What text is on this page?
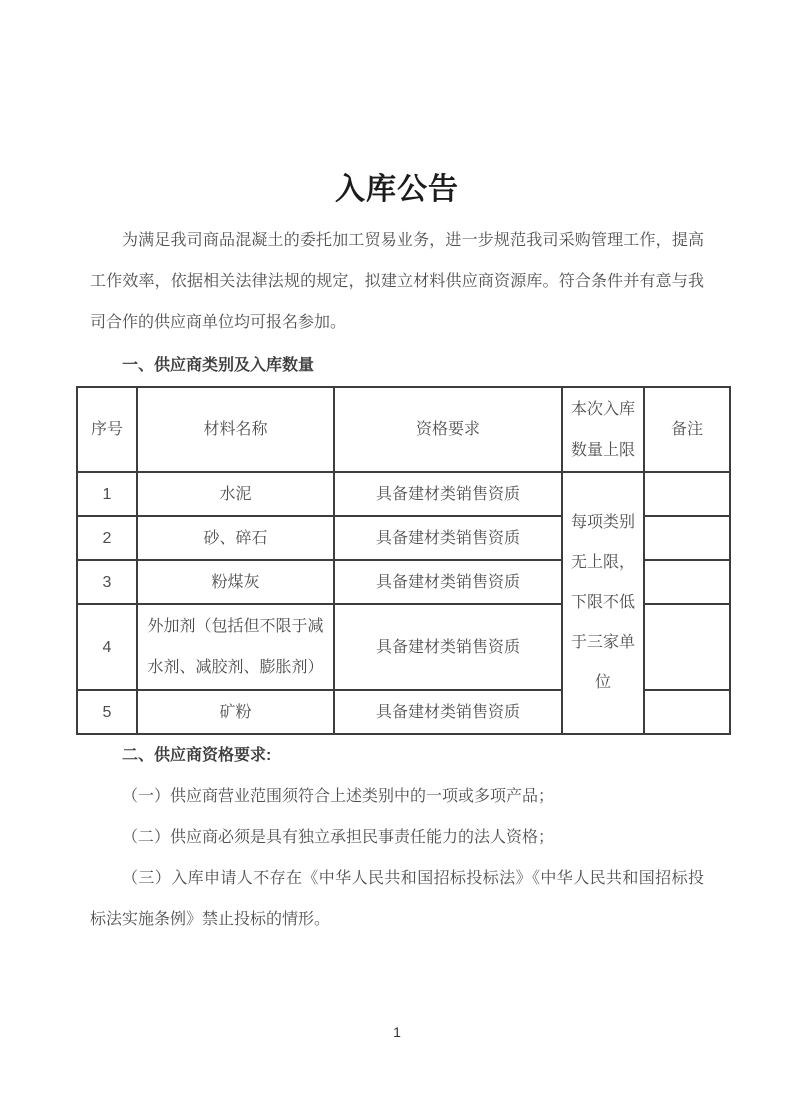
入库公告

为满足我司商品混凝土的委托加工贸易业务，进一步规范我司采购管理工作，提高工作效率，依据相关法律法规的规定，拟建立材料供应商资源库。符合条件并有意与我司合作的供应商单位均可报名参加。

一、供应商类别及入库数量

序号	材料名称	资格要求	本次入库数量上限	备注
1	水泥	具备建材类销售资质	每项类别无上限，下限不低于三家单位	
2	砂、碎石	具备建材类销售资质		
3	粉煤灰	具备建材类销售资质		
4	外加剂（包括但不限于减水剂、减胶剂、膨胀剂）	具备建材类销售资质		
5	矿粉	具备建材类销售资质		

二、供应商资格要求:

（一）供应商营业范围须符合上述类别中的一项或多项产品；

（二）供应商必须是具有独立承担民事责任能力的法人资格；

（三）入库申请人不存在《中华人民共和国招标投标法》《中华人民共和国招标投标法实施条例》禁止投标的情形。

1
